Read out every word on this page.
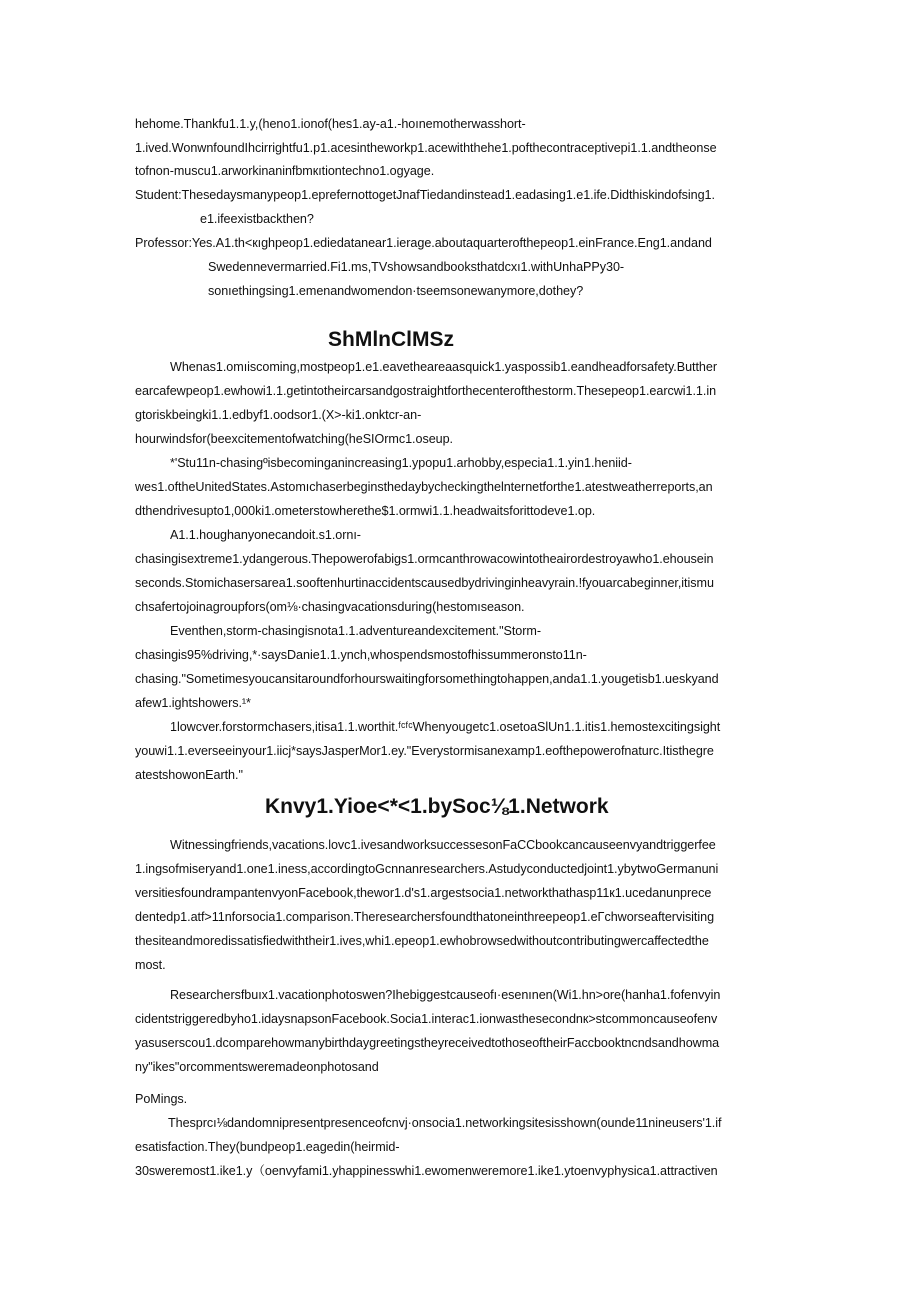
hehome.Thankfu1.1.y,(heno1.ionof(hes1.ay-a1.-hoınemotherwasshort-
1.ived.WonwnfoundIhcirrightfu1.p1.acesintheworkp1.acewiththehe1.pofthecontraceptivepi1.1.andtheonse
tofnon-muscu1.arworkinaninfbmкıtiontechno1.ogyage.
Student:Thesedaysmanypeop1.eprefernottogetJnafTiedandinstead1.eadasing1.e1.ife.Didthiskindofsing1.
e1.ifeexistbackthen?
Professor:Yes.A1.th<кıghpeop1.ediedatanear1.ierage.aboutaquarterofthepeop1.einFrance.Eng1.andand
Swedennevermarried.Fi1.ms,TVshowsandbooksthatdcxı1.withUnhaPPy30-
sonıethingsing1.emenandwomendon·tseemsonewanymore,dothey?
ShMlnClMSz
Whenas1.omıiscoming,mostpeop1.e1.eavetheareaasquick1.yaspossib1.eandheadforsafety.Butther
earcafewpeop1.ewhowi1.1.getintotheircarsandgostraightforthecenterofthestorm.Thesepeop1.earcwi1.1.in
gtoriskbeingki1.1.edbyf1.oodsor1.(X>-ki1.onktcr-an-
hourwindsfor(beexcitementofwatching(heSIOrmc1.oseup.
*'Stu11n-chasingºisbecominganincreasing1.ypopu1.arhobby,especia1.1.yin1.heniid-
wes1.oftheUnitedStates.Astomıchaserbeginsthedaybycheckingthelnternetforthe1.atestweatherreports,an
dthendrivesupto1,000ki1.ometerstowherethe$1.ormwi1.1.headwaitsforittodeve1.op.
A1.1.houghanyonecandoit.s1.ornı-
chasingisextreme1.ydangerous.Thepowerofabigs1.ormcanthrowacowintotheairordestroyawho1.ehousein
seconds.Stomichasersarea1.sooftenhurtinaccidentscausedbydrivinginheavyrain.!fyouarcabeginner,itismu
chsafertojoinagroupfors(om⅛·chasingvacationsduring(hestomıseason.
Eventhen,storm-chasingisnota1.1.adventureandexcitement."Storm-
chasingis95%driving,*·saysDanie1.1.ynch,whospendsmostofhissummeronsto11n-
chasing."Sometimesyoucansitaroundforhourswaitingforsomethingtohappen,anda1.1.yougetisb1.ueskyand
afew1.ightshowers.¹*
1lowcver.forstormchasers,itisa1.1.worthit.ᶠᶜᶠᶜWhenyougetc1.osetoaSlUn1.1.itis1.hemostexcitingsight
youwi1.1.everseeinyour1.iicj*saysJasperMor1.ey."Everystormisanexamp1.eofthepowerofnaturc.Itisthegre
atestshowonEarth."
Knvy1.Yioe<*<1.bySoc⅛1.Network
Witnessingfriends,vacations.lovc1.ivesandworksuccessesonFaCCbookcancauseenvyandtriggerfee
1.ingsofmiseryand1.one1.iness,accordingtoGcnnanresearchers.Astudyconductedjoint1.ybytwoGermanuni
versitiesfoundrampantenvyonFacebook,thewor1.d's1.argestsocia1.networkthathasp11к1.ucedanunprece
dentedp1.atf>11nforsocia1.comparison.Theresearchersfoundthatoneinthreepeop1.eΓchworseaftervisiting
thesiteandmoredissatisfiedwiththeir1.ives,whi1.epeop1.ewhobrowsedwithoutcontributingwercaffectedthe
most.
Researchersfbuıx1.vacationphotoswen?Ihebiggestcauseofı·esenınen(Wi1.hn>ore(hanha1.fofenvyin
cidentstriggeredbyho1.idaysnapsonFacebook.Socia1.interac1.ionwasthesecondnк>stcommoncauseofenv
yasuserscou1.dcomparehowmanybirthdaygreetingstheyreceivedtothoseoftheirFaccbooktncndsandhowma
ny"ikes"orcommentsweremadeonphotosand
PoMings.
Thesprcı⅛dandomnipresentpresenceofcnvj·onsocia1.networkingsitesisshown(ounde11nineusers'1.if
esatisfaction.They(bundpeop1.eagedin(heirmid-
30swеremost1.ike1.y（oenvyfami1.yhappinesswhi1.ewomenweremore1.ike1.ytoenvyphysica1.attractiven
